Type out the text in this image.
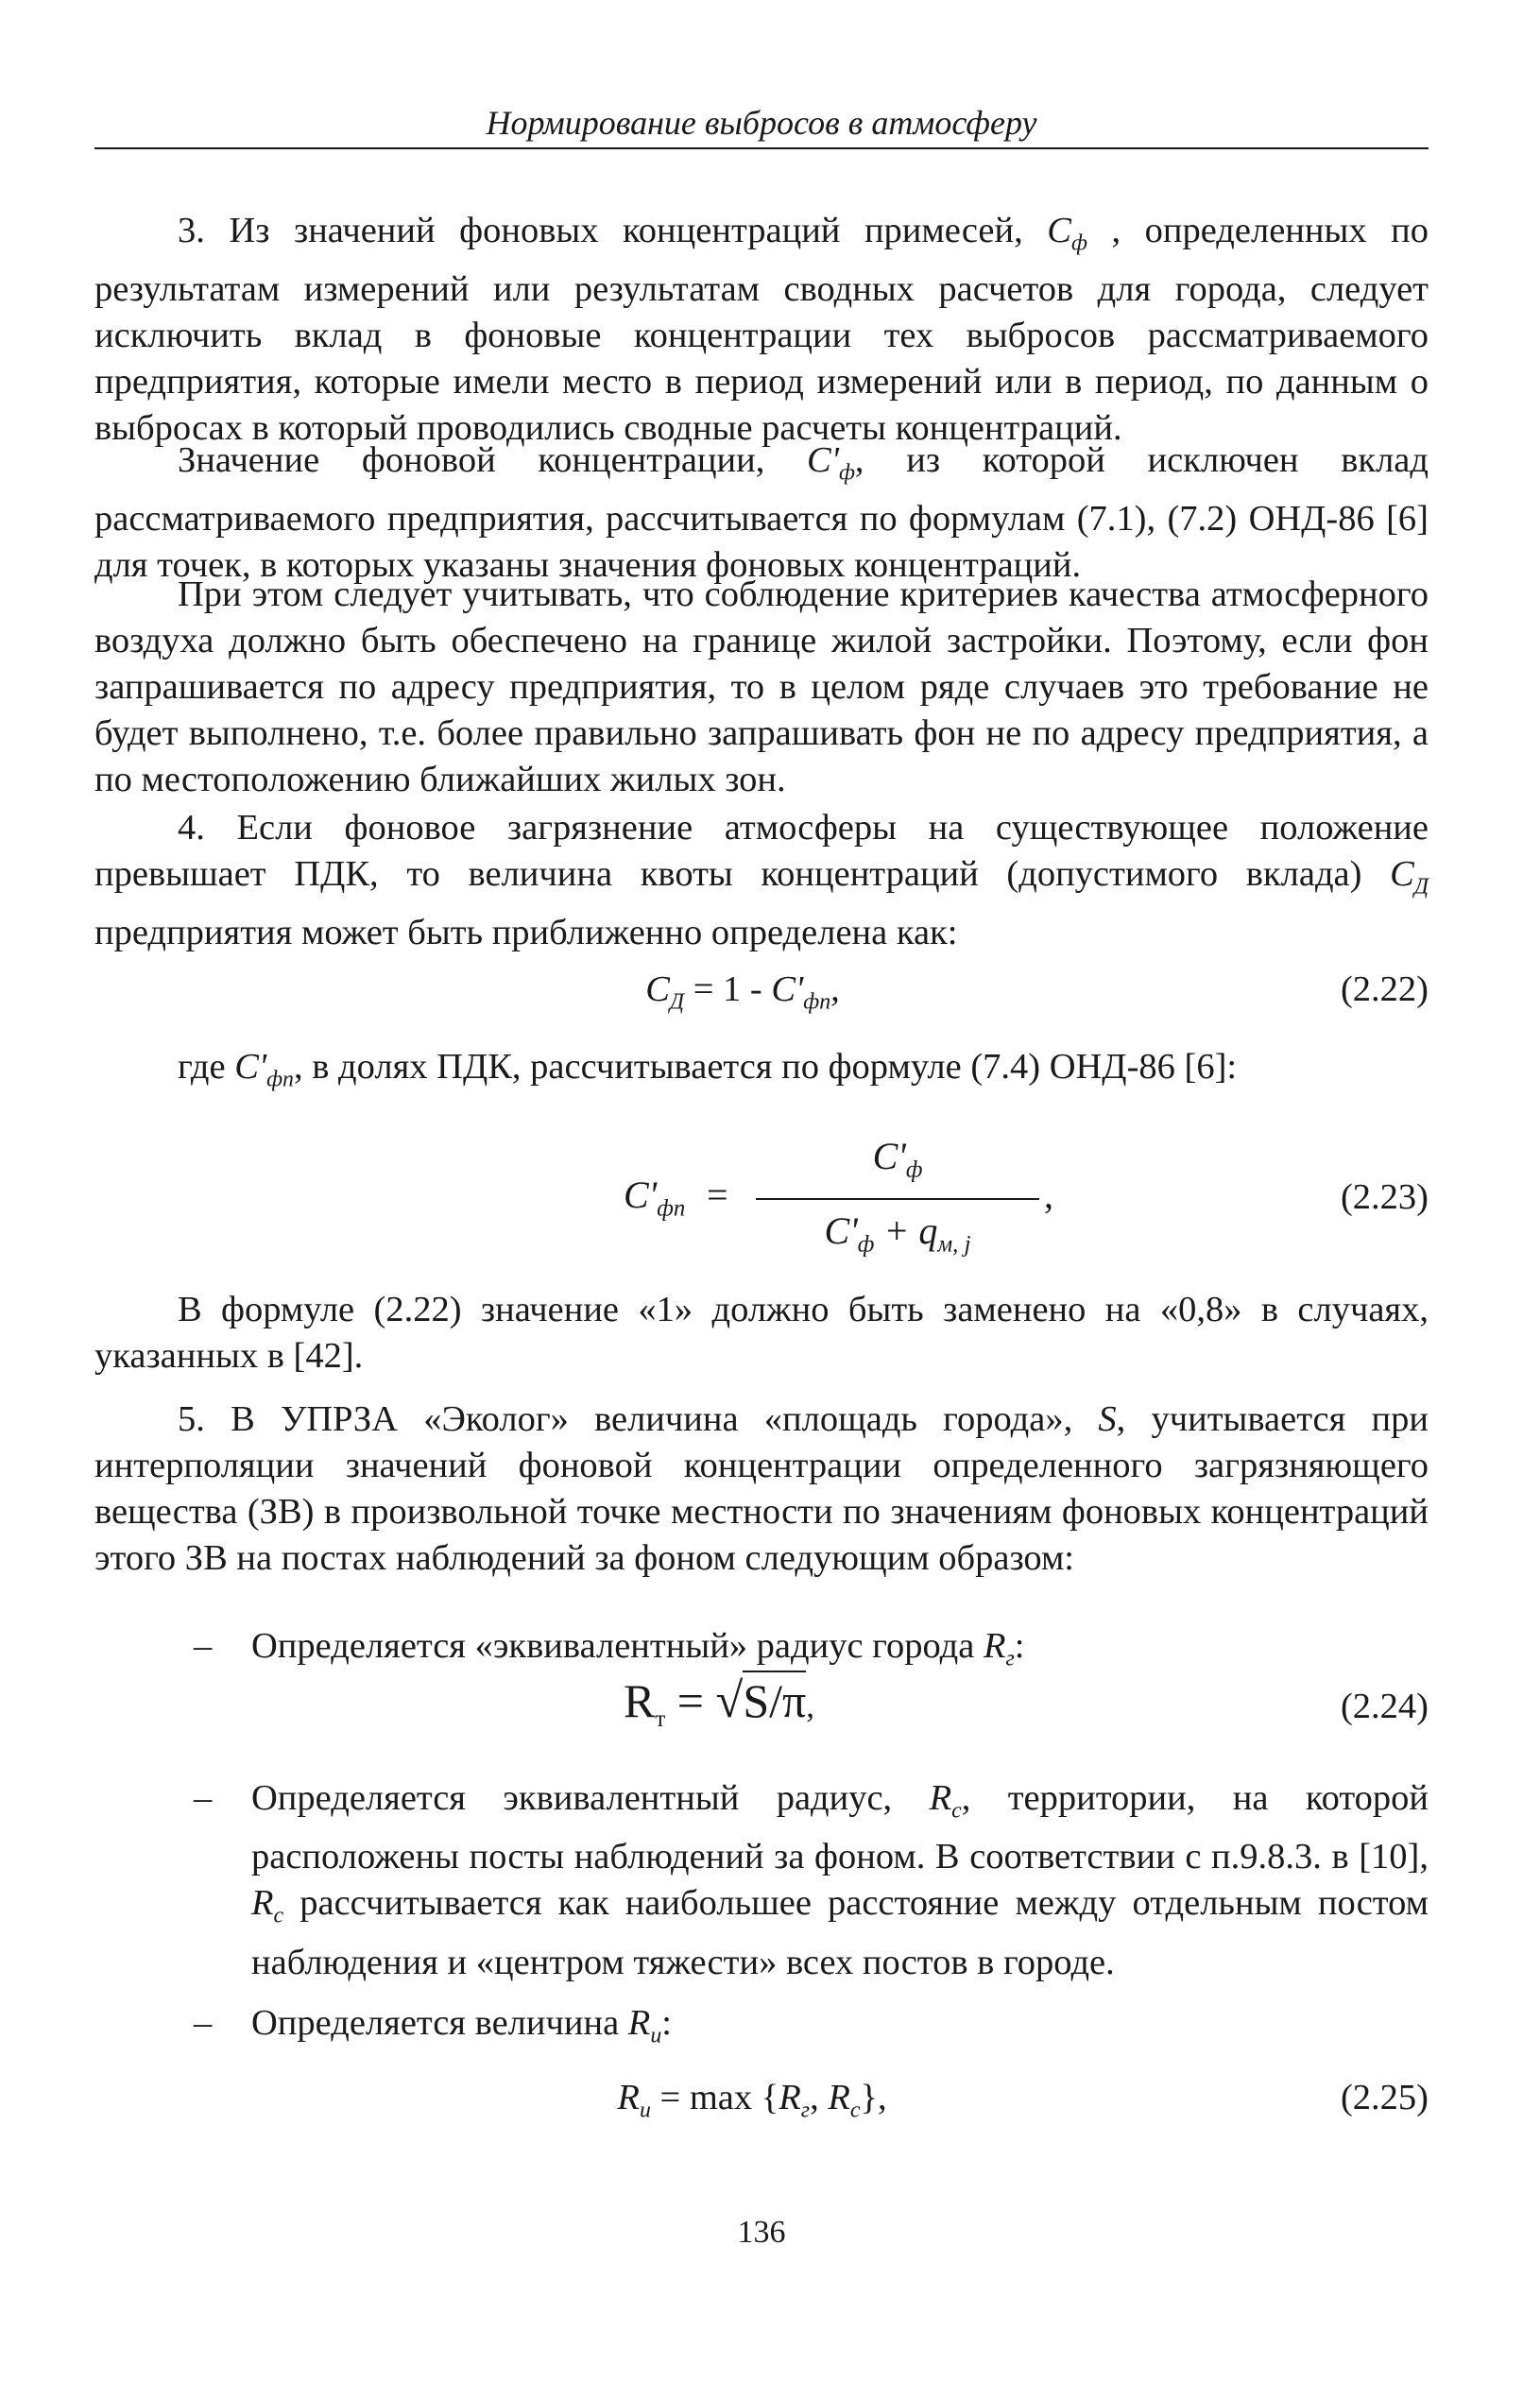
Нормирование выбросов в атмосферу

3. Из значений фоновых концентраций примесей, $C_ф$ , определенных по результатам измерений или результатам сводных расчетов для города, следует исключить вклад в фоновые концентрации тех выбросов рассматриваемого предприятия, которые имели место в период измерений или в период, по данным о выбросах в который проводились сводные расчеты концентраций.

Значение фоновой концентрации, $C'_ф$, из которой исключен вклад рассматриваемого предприятия, рассчитывается по формулам (7.1), (7.2) ОНД-86 [6] для точек, в которых указаны значения фоновых концентраций.

При этом следует учитывать, что соблюдение критериев качества атмосферного воздуха должно быть обеспечено на границе жилой застройки. Поэтому, если фон запрашивается по адресу предприятия, то в целом ряде случаев это требование не будет выполнено, т.е. более правильно запрашивать фон не по адресу предприятия, а по местоположению ближайших жилых зон.

4. Если фоновое загрязнение атмосферы на существующее положение превышает ПДК, то величина квоты концентраций (допустимого вклада) $C_Д$ предприятия может быть приближенно определена как:

$C_Д = 1 - C'_{фп}$,	(2.22)

где $C'_{фп}$, в долях ПДК, рассчитывается по формуле (7.4) ОНД-86 [6]:

$C'_{фп}$ =
$C'_ф$
$C'_ф + q_{м, j}$
,	(2.23)

В формуле (2.22) значение «1» должно быть заменено на «0,8» в случаях, указанных в [42].

5. В УПРЗА «Эколог» величина «площадь города», S, учитывается при интерполяции значений фоновой концентрации определенного загрязняющего вещества (ЗВ) в произвольной точке местности по значениям фоновых концентраций этого ЗВ на постах наблюдений за фоном следующим образом:

– Определяется «эквивалентный» радиус города $R_г$:
$R_т = √S/\pi$,	(2.24)
– Определяется эквивалентный радиус, $R_с$, территории, на которой расположены посты наблюдений за фоном. В соответствии с п.9.8.3. в [10], $R_с$ рассчитывается как наибольшее расстояние между отдельным постом наблюдения и «центром тяжести» всех постов в городе.
– Определяется величина $R_и$:
$R_и = \max \{R_г$, $R_с$},	(2.25)
136
